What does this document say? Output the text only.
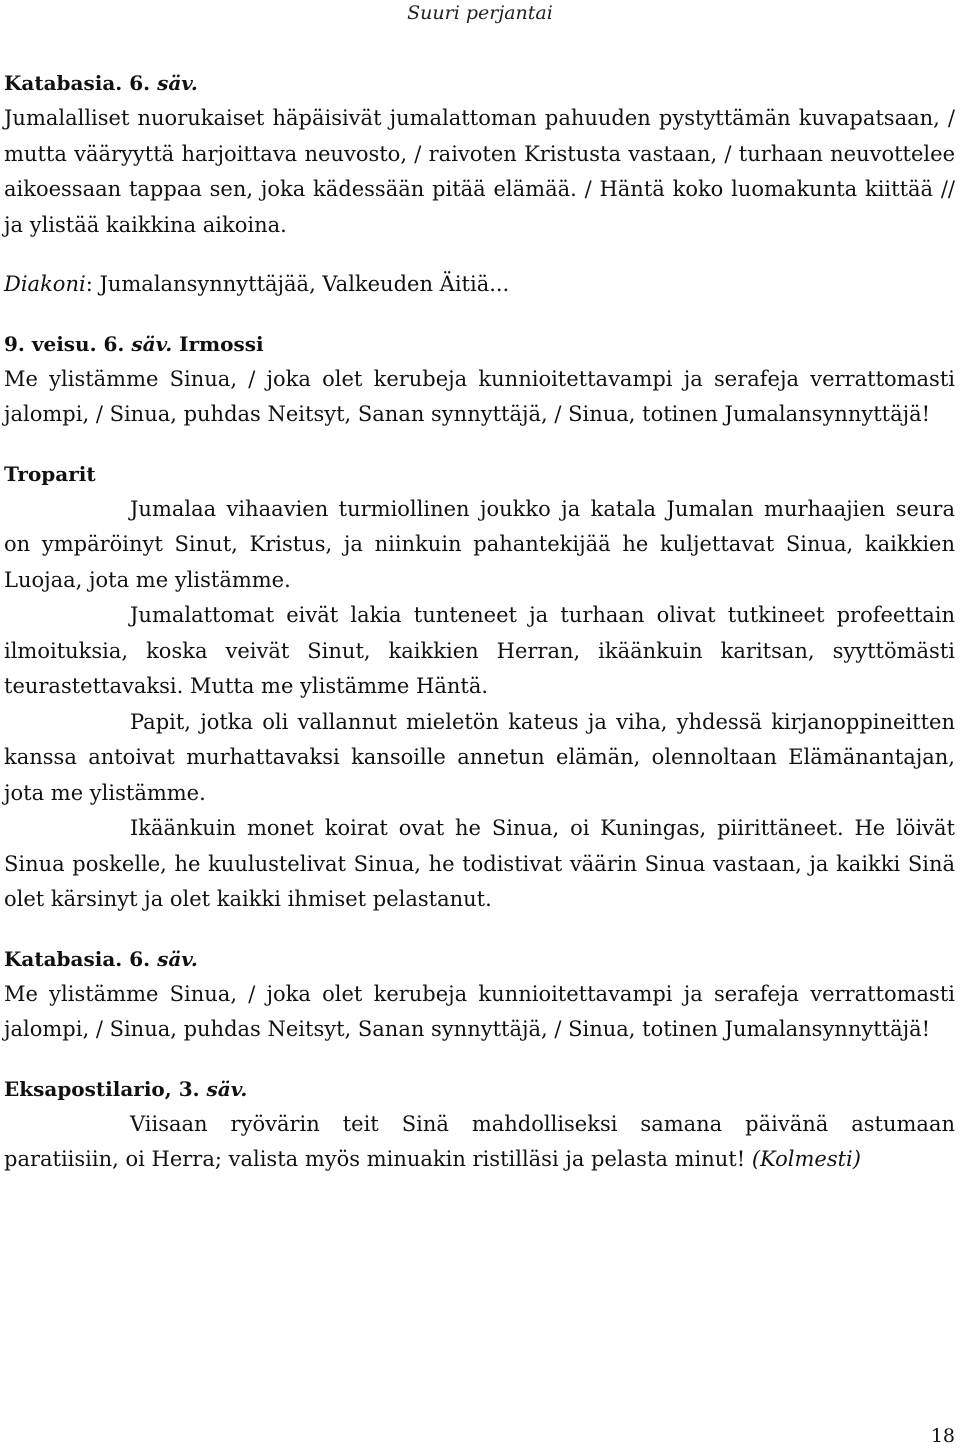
Suuri perjantai
Katabasia. 6. säv.

Jumalalliset nuorukaiset häpäisivät jumalattoman pahuuden pystyttämän kuvapatsaan, / mutta vääryyttä harjoittava neuvosto, / raivoten Kristusta vastaan, / turhaan neuvottelee aikoessaan tappaa sen, joka kädessään pitää elämää. / Häntä koko luomakunta kiittää // ja ylistää kaikkina aikoina.

Diakoni: Jumalansynnyttäjää, Valkeuden Äitiä...

9. veisu. 6. säv. Irmossi

Me ylistämme Sinua, / joka olet kerubeja kunnioitettavampi ja serafeja verrattomasti jalompi, / Sinua, puhdas Neitsyt, Sanan synnyttäjä, / Sinua, totinen Jumalansynnyttäjä!

Troparit

Jumalaa vihaavien turmiollinen joukko ja katala Jumalan murhaajien seura on ympäröinyt Sinut, Kristus, ja niinkuin pahantekijää he kuljettavat Sinua, kaikkien Luojaa, jota me ylistämme.

Jumalattomat eivät lakia tunteneet ja turhaan olivat tutkineet profeettain ilmoituksia, koska veivät Sinut, kaikkien Herran, ikäänkuin karitsan, syyttömästi teurastettavaksi. Mutta me ylistämme Häntä.

Papit, jotka oli vallannut mieletön kateus ja viha, yhdessä kirjanoppineitten kanssa antoivat murhattavaksi kansoille annetun elämän, olennoltaan Elämänantajan, jota me ylistämme.

Ikäänkuin monet koirat ovat he Sinua, oi Kuningas, piirittäneet. He löivät Sinua poskelle, he kuulustelivat Sinua, he todistivat väärin Sinua vastaan, ja kaikki Sinä olet kärsinyt ja olet kaikki ihmiset pelastanut.

Katabasia. 6. säv.

Me ylistämme Sinua, / joka olet kerubeja kunnioitettavampi ja serafeja verrattomasti jalompi, / Sinua, puhdas Neitsyt, Sanan synnyttäjä, / Sinua, totinen Jumalansynnyttäjä!

Eksapostilario, 3. säv.

Viisaan ryövärin teit Sinä mahdolliseksi samana päivänä astumaan paratiisiin, oi Herra; valista myös minuakin ristilläsi ja pelasta minut! (Kolmesti)

18
